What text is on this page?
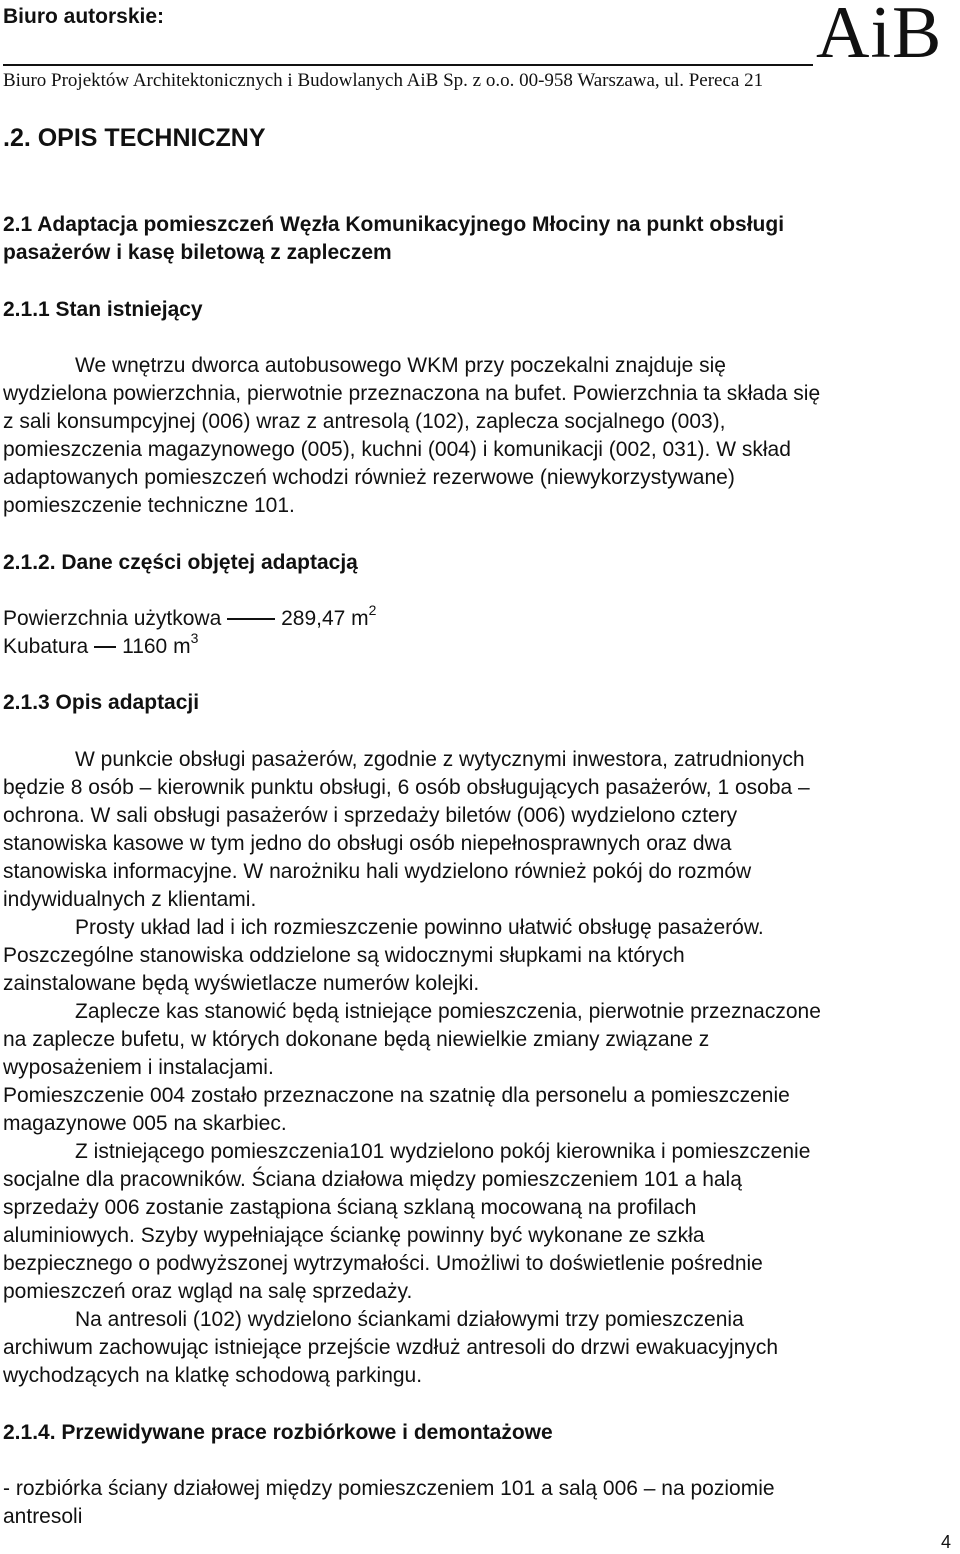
Biuro autorskie:	AiB
Biuro Projektów Architektonicznych i Budowlanych AiB Sp. z o.o. 00-958 Warszawa, ul. Pereca 21
.2. OPIS TECHNICZNY
2.1 Adaptacja pomieszczeń Węzła Komunikacyjnego Młociny na punkt obsługi
pasażerów i kasę biletową z zapleczem
2.1.1 Stan istniejący
We wnętrzu dworca autobusowego WKM przy poczekalni znajduje się
wydzielona powierzchnia, pierwotnie przeznaczona na bufet. Powierzchnia ta składa się
z sali konsumpcyjnej (006) wraz z antresolą (102), zaplecza socjalnego (003),
pomieszczenia magazynowego (005), kuchni (004) i komunikacji (002, 031). W skład
adaptowanych pomieszczeń wchodzi również rezerwowe (niewykorzystywane)
pomieszczenie techniczne 101.
2.1.2. Dane części objętej adaptacją
Powierzchnia użytkowa	289,47 $m^2$
Kubatura 1160 $m^3$
2.1.3 Opis adaptacji
W punkcie obsługi pasażerów, zgodnie z wytycznymi inwestora, zatrudnionych
będzie 8 osób – kierownik punktu obsługi, 6 osób obsługujących pasażerów, 1 osoba –
ochrona. W sali obsługi pasażerów i sprzedaży biletów (006) wydzielono cztery
stanowiska kasowe w tym jedno do obsługi osób niepełnosprawnych oraz dwa
stanowiska informacyjne. W narożniku hali wydzielono również pokój do rozmów
indywidualnych z klientami.
Prosty układ lad i ich rozmieszczenie powinno ułatwić obsługę pasażerów.
Poszczególne stanowiska oddzielone są widocznymi słupkami na których
zainstalowane będą wyświetlacze numerów kolejki.
Zaplecze kas stanowić będą istniejące pomieszczenia, pierwotnie przeznaczone
na zaplecze bufetu, w których dokonane będą niewielkie zmiany związane z
wyposażeniem i instalacjami.
Pomieszczenie 004 zostało przeznaczone na szatnię dla personelu a pomieszczenie
magazynowe 005 na skarbiec.
Z istniejącego pomieszczenia101 wydzielono pokój kierownika i pomieszczenie
socjalne dla pracowników. Ściana działowa między pomieszczeniem 101 a halą
sprzedaży 006 zostanie zastąpiona ścianą szklaną mocowaną na profilach
aluminiowych. Szyby wypełniające ściankę powinny być wykonane ze szkła
bezpiecznego o podwyższonej wytrzymałości. Umożliwi to doświetlenie pośrednie
pomieszczeń oraz wgląd na salę sprzedaży.
Na antresoli (102) wydzielono ściankami działowymi trzy pomieszczenia
archiwum zachowując istniejące przejście wzdłuż antresoli do drzwi ewakuacyjnych
wychodzących na klatkę schodową parkingu.
2.1.4. Przewidywane prace rozbiórkowe i demontażowe
- rozbiórka ściany działowej między pomieszczeniem 101 a salą 006 – na poziomie
antresoli
4
